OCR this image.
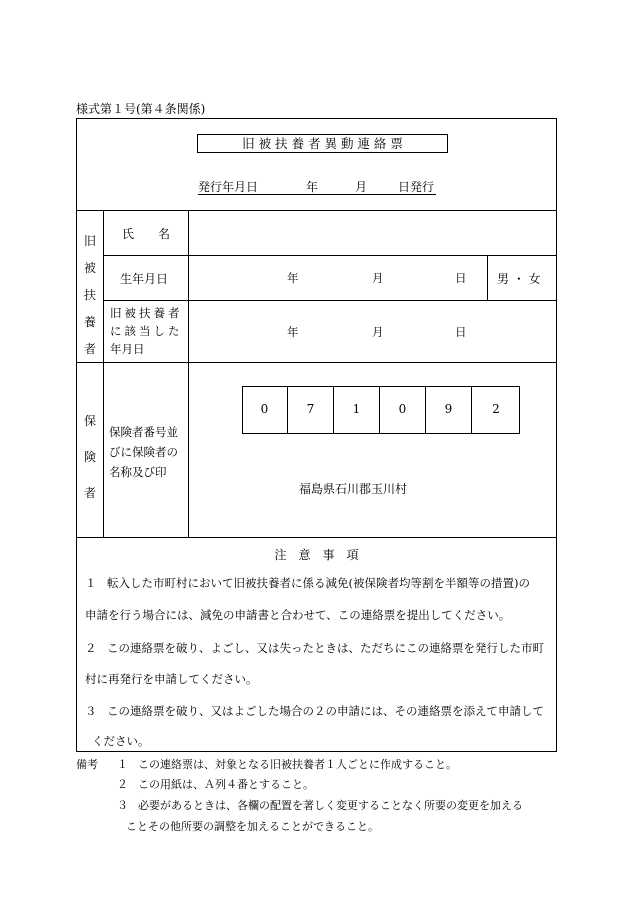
様式第１号(第４条関係)
旧 被 扶 養 者 異 動 連 絡 票
発行年月日	年	月	日発行
旧
被
扶
養
者
氏　　名
生年月日	年	月	日	男 ・ 女
旧被扶養者
に該当した
年月日
年	月	日
保
険
者
保険者番号並
びに保険者の
名称及び印
0	7	1	0	9	2
福島県石川郡玉川村
注　意　事　項
１ 転入した市町村において旧被扶養者に係る減免(被保険者均等割を半額等の措置)の
申請を行う場合には、減免の申請書と合わせて、この連絡票を提出してください。
２ この連絡票を破り、よごし、又は失ったときは、ただちにこの連絡票を発行した市町
村に再発行を申請してください。
３ この連絡票を破り、又はよごした場合の２の申請には、その連絡票を添えて申請して
ください。
備考 １ この連絡票は、対象となる旧被扶養者１人ごとに作成すること。
２ この用紙は、Ａ列４番とすること。
３ 必要があるときは、各欄の配置を著しく変更することなく所要の変更を加える
ことその他所要の調整を加えることができること。
